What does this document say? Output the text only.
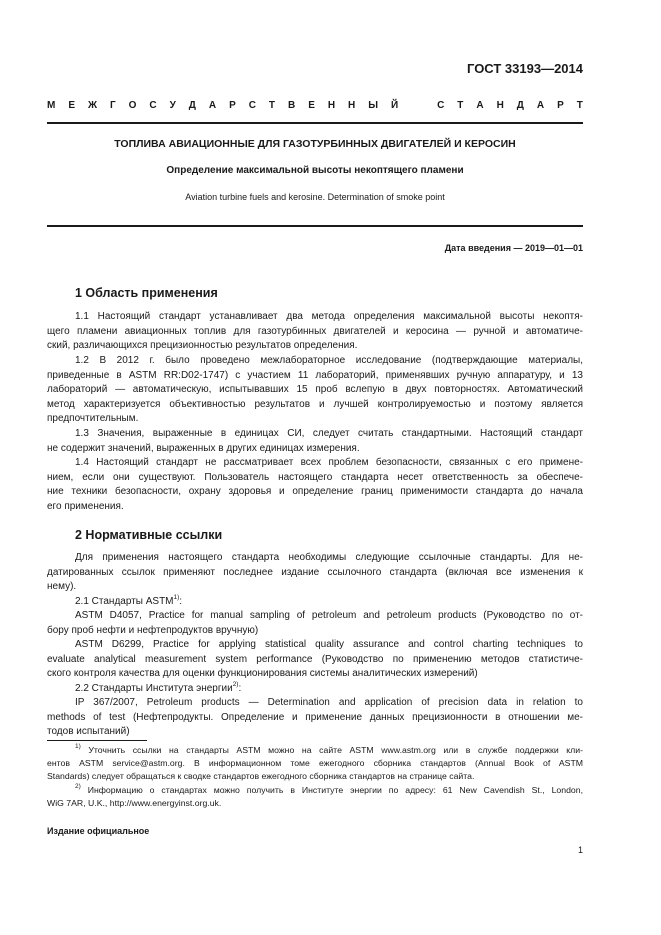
ГОСТ 33193—2014
М Е Ж Г О С У Д А Р С Т В Е Н Н Ы Й	С Т А Н Д А Р Т
ТОПЛИВА АВИАЦИОННЫЕ ДЛЯ ГАЗОТУРБИННЫХ ДВИГАТЕЛЕЙ И КЕРОСИН
Определение максимальной высоты некоптящего пламени
Aviation turbine fuels and kerosine. Determination of smoke point
Дата введения — 2019—01—01
1 Область применения

1.1 Настоящий стандарт устанавливает два метода определения максимальной высоты некоптя-
щего пламени авиационных топлив для газотурбинных двигателей и керосина — ручной и автоматиче-
ский, различающихся прецизионностью результатов определения.

1.2 В 2012 г. было проведено межлабораторное исследование (подтверждающие материалы,
приведенные в ASTM RR:D02-1747) с участием 11 лабораторий, применявших ручную аппаратуру, и 13
лабораторий — автоматическую, испытывавших 15 проб вслепую в двух повторностях. Автоматический
метод характеризуется объективностью результатов и лучшей контролируемостью и поэтому является
предпочтительным.

1.3 Значения, выраженные в единицах СИ, следует считать стандартными. Настоящий стандарт
не содержит значений, выраженных в других единицах измерения.

1.4 Настоящий стандарт не рассматривает всех проблем безопасности, связанных с его примене-
нием, если они существуют. Пользователь настоящего стандарта несет ответственность за обеспече-
ние техники безопасности, охрану здоровья и определение границ применимости стандарта до начала
его применения.

2 Нормативные ссылки

Для применения настоящего стандарта необходимы следующие ссылочные стандарты. Для не-
датированных ссылок применяют последнее издание ссылочного стандарта (включая все изменения к
нему).

2.1 Стандарты ASTM$^{1)}$:

ASTM D4057, Practice for manual sampling of petroleum and petroleum products (Руководство по от-
бору проб нефти и нефтепродуктов вручную)

ASTM D6299, Practice for applying statistical quality assurance and control charting techniques to
evaluate analytical measurement system performance (Руководство по применению методов статистиче-
ского контроля качества для оценки функционирования системы аналитических измерений)

2.2 Стандарты Института энергии$^{2)}$:

IP 367/2007, Petroleum products — Determination and application of precision data in relation to
methods of test (Нефтепродукты. Определение и применение данных прецизионности в отношении ме-
тодов испытаний)

$^{1)}$ Уточнить ссылки на стандарты ASTM можно на сайте ASTM www.astm.org или в службе поддержки кли-
ентов ASTM service@astm.org. В информационном томе ежегодного сборника стандартов (Annual Book of ASTM
Standards) следует обращаться к сводке стандартов ежегодного сборника стандартов на странице сайта.

$^{2)}$ Информацию о стандартах можно получить в Институте энергии по адресу: 61 New Cavendish St., London,
WiG 7AR, U.K., http://www.energyinst.org.uk.

Издание официальное
1
